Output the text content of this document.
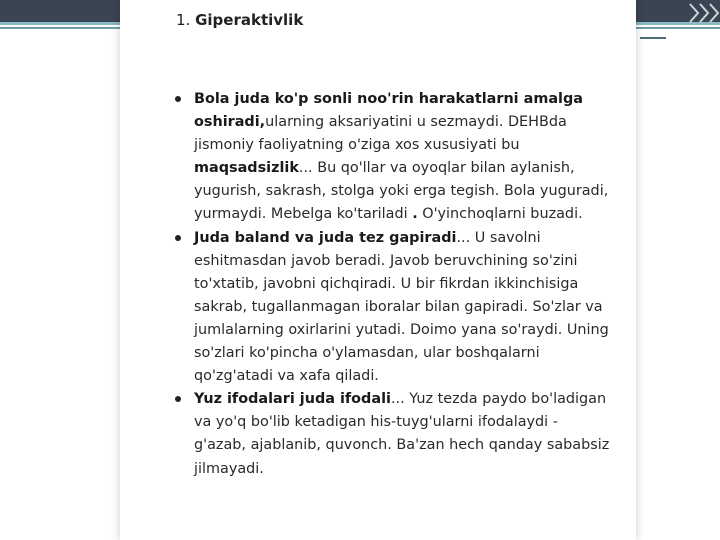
1. Giperaktivlik

Bola juda ko'p sonli noo'rin harakatlarni amalga oshiradi,ularning aksariyatini u sezmaydi. DEHBda jismoniy faoliyatning o'ziga xos xususiyati bu maqsadsizlik... Bu qo'llar va oyoqlar bilan aylanish, yugurish, sakrash, stolga yoki erga tegish. Bola yuguradi, yurmaydi. Mebelga ko'tariladi . O'yinchoqlarni buzadi.
Juda baland va juda tez gapiradi... U savolni eshitmasdan javob beradi. Javob beruvchining so'zini to'xtatib, javobni qichqiradi. U bir fikrdan ikkinchisiga sakrab, tugallanmagan iboralar bilan gapiradi. So'zlar va jumlalarning oxirlarini yutadi. Doimo yana so'raydi. Uning so'zlari ko'pincha o'ylamasdan, ular boshqalarni qo'zg'atadi va xafa qiladi.
Yuz ifodalari juda ifodali... Yuz tezda paydo bo'ladigan va yo'q bo'lib ketadigan his-tuyg'ularni ifodalaydi - g'azab, ajablanib, quvonch. Ba'zan hech qanday sababsiz jilmayadi.
